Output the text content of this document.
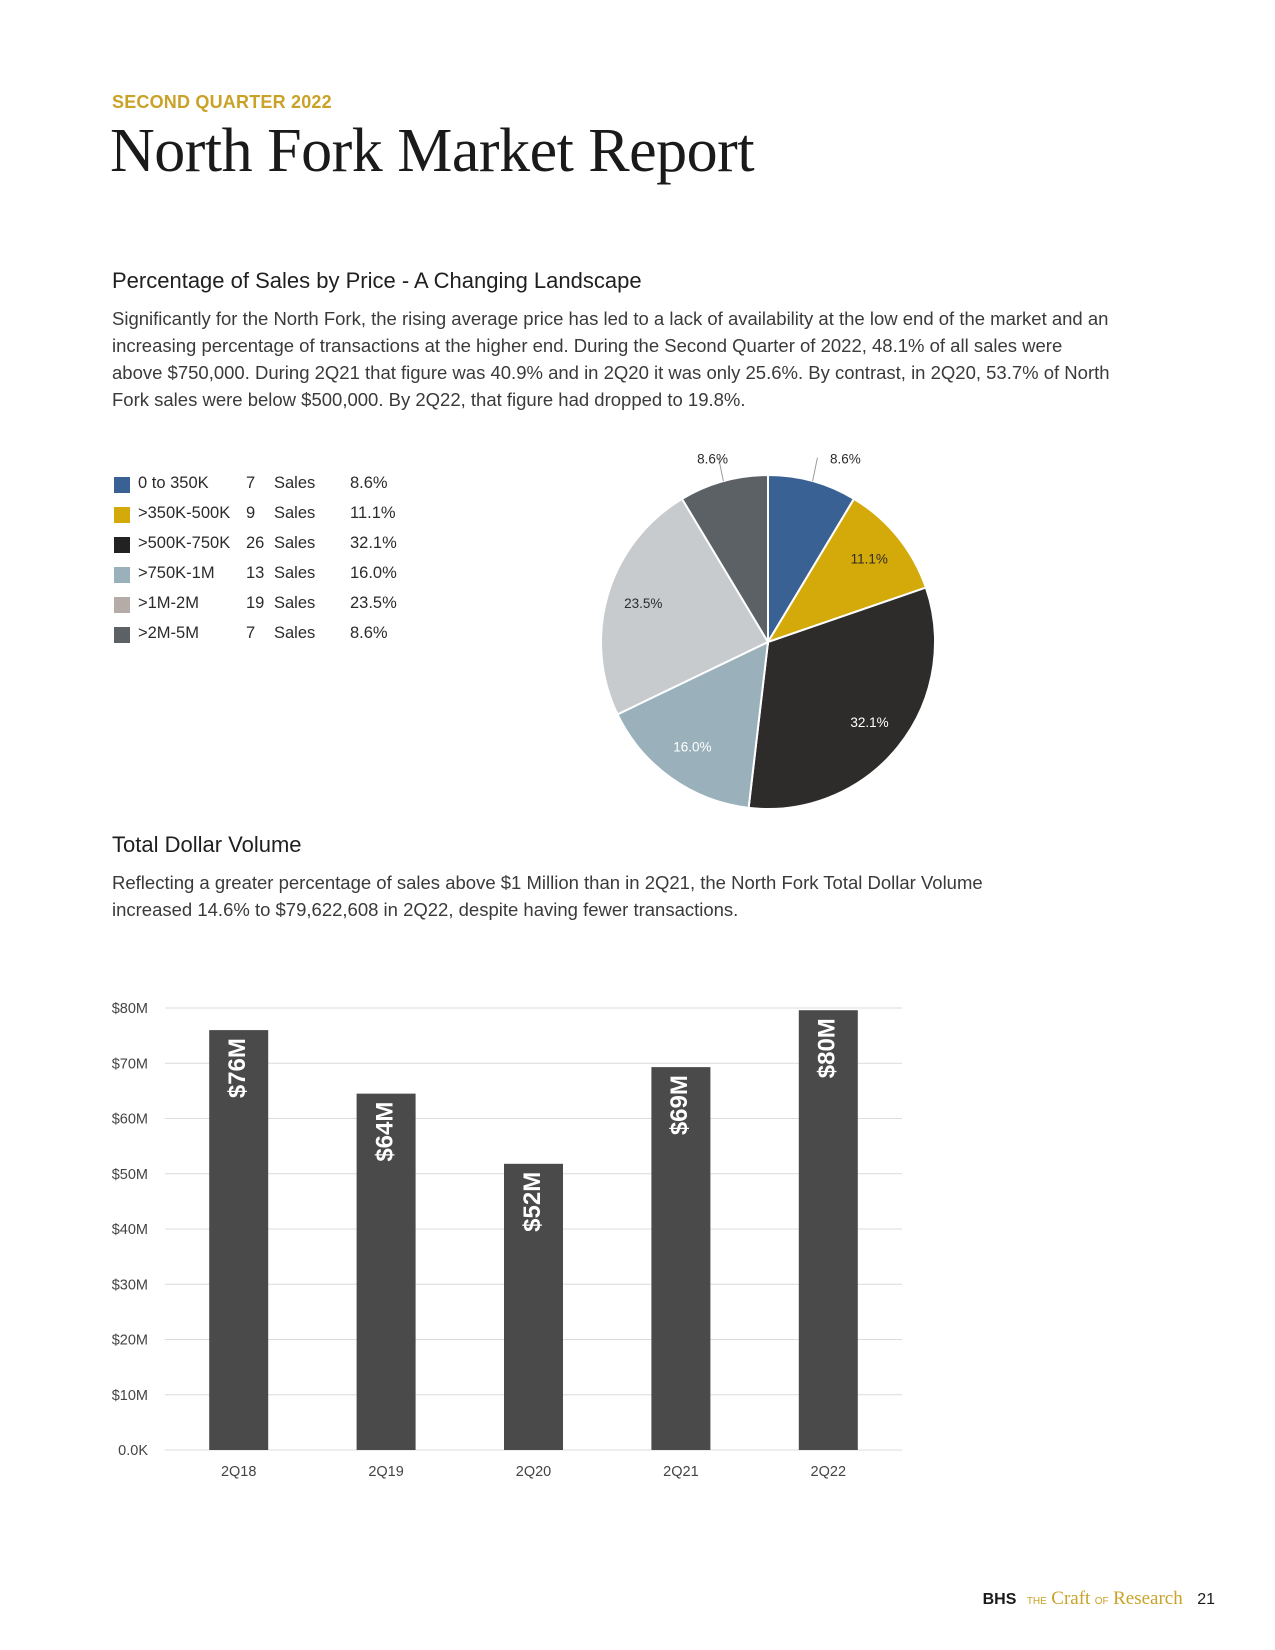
SECOND QUARTER 2022
North Fork Market Report
Percentage of Sales by Price - A Changing Landscape
Significantly for the North Fork, the rising average price has led to a lack of availability at the low end of the market and an increasing percentage of transactions at the higher end. During the Second Quarter of 2022, 48.1% of all sales were above $750,000. During 2Q21 that figure was 40.9% and in 2Q20 it was only 25.6%. By contrast, in 2Q20, 53.7% of North Fork sales were below $500,000. By 2Q22, that figure had dropped to 19.8%.
0 to 350K 7 Sales 8.6%
>350K-500K 9 Sales 11.1%
>500K-750K 26 Sales 32.1%
>750K-1M 13 Sales 16.0%
>1M-2M	19 Sales 23.5%
>2M-5M	7 Sales 8.6%
8.6%
11.1%
32.1%
16.0%
23.5%
8.6%
Total Dollar Volume
Reflecting a greater percentage of sales above $1 Million than in 2Q21, the North Fork Total Dollar Volume increased 14.6% to $79,622,608 in 2Q22, despite having fewer transactions.
0.0K
$10M
$20M
$30M
$40M
$50M
$60M
$70M
$80M
$76M
2Q18
$64M
2Q19
$52M
2Q20
$69M
2Q21
$80M
2Q22
BHS THE Craft OF Research 21
